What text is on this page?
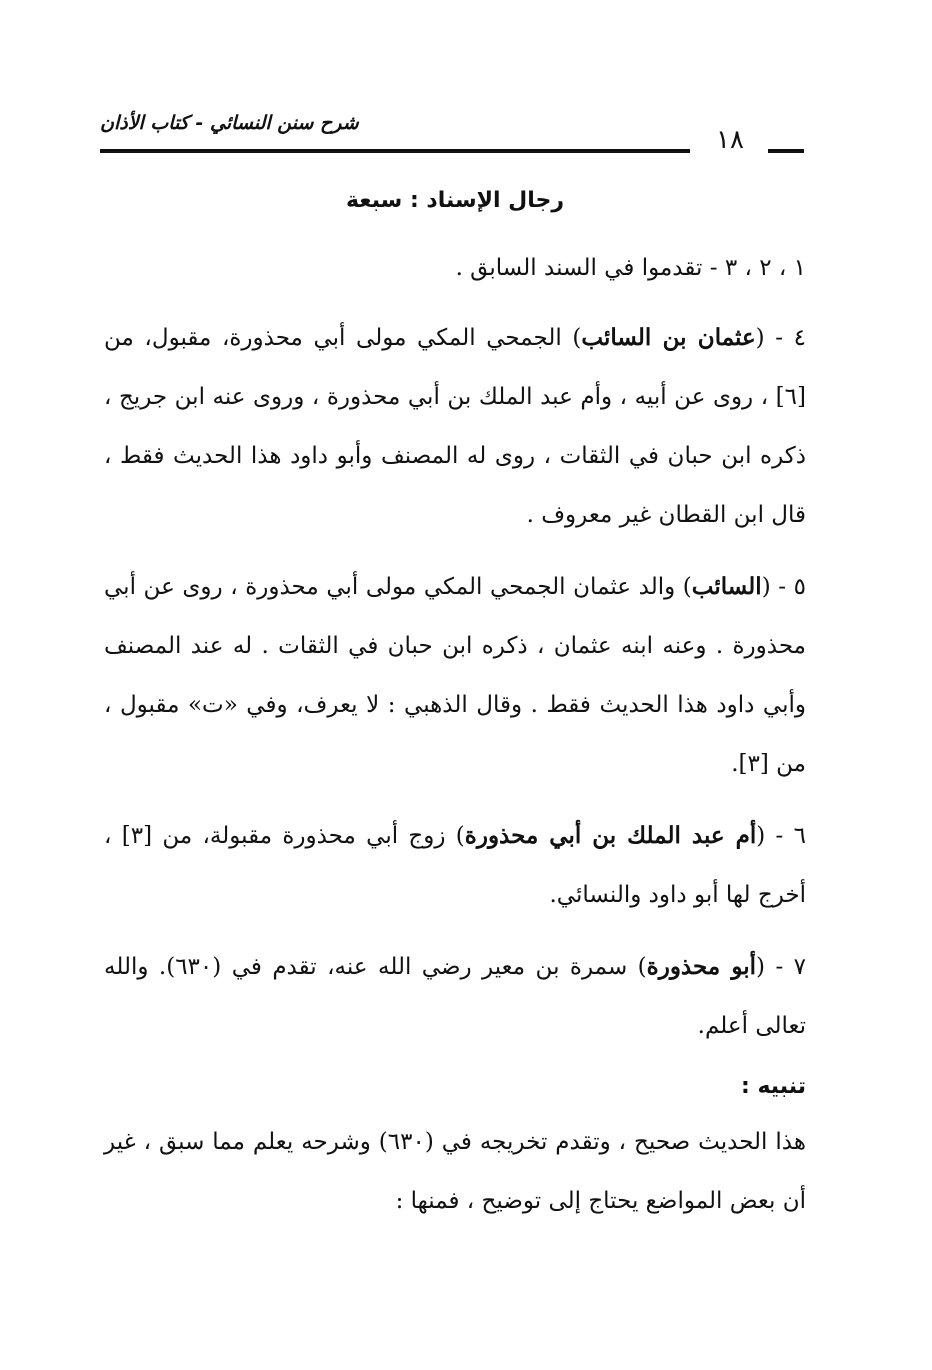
شرح سنن النسائي - كتاب الأذان
١٨
رجال الإسناد : سبعة

١ ، ٢ ، ٣ - تقدموا في السند السابق .

٤ - (عثمان بن السائب) الجمحي المكي مولى أبي محذورة، مقبول، من [٦] ، روى عن أبيه ، وأم عبد الملك بن أبي محذورة ، وروى عنه ابن جريج ، ذكره ابن حبان في الثقات ، روى له المصنف وأبو داود هذا الحديث فقط ، قال ابن القطان غير معروف .

٥ - (السائب) والد عثمان الجمحي المكي مولى أبي محذورة ، روى عن أبي محذورة . وعنه ابنه عثمان ، ذكره ابن حبان في الثقات . له عند المصنف وأبي داود هذا الحديث فقط . وقال الذهبي : لا يعرف، وفي «ت» مقبول ، من [٣].

٦ - (أم عبد الملك بن أبي محذورة) زوج أبي محذورة مقبولة، من [٣] ، أخرج لها أبو داود والنسائي.

٧ - (أبو محذورة) سمرة بن معير رضي الله عنه، تقدم في (٦٣٠). والله تعالى أعلم.

تنبيه :

هذا الحديث صحيح ، وتقدم تخريجه في (٦٣٠) وشرحه يعلم مما سبق ، غير أن بعض المواضع يحتاج إلى توضيح ، فمنها :
